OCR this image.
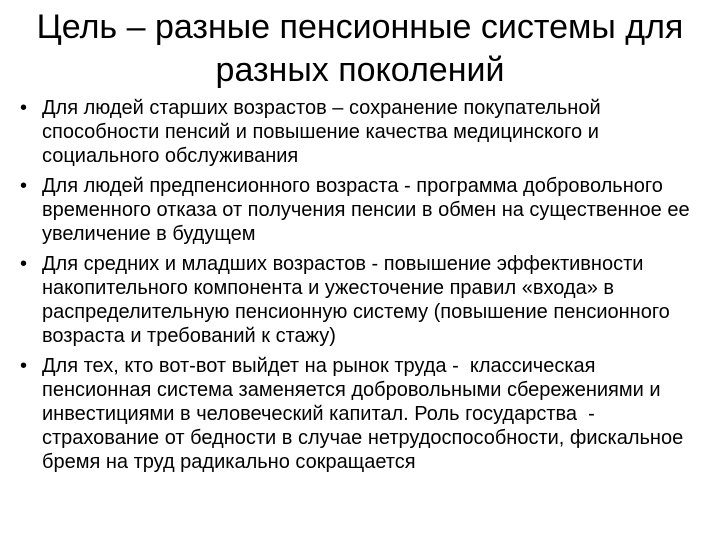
Цель – разные пенсионные системы для разных поколений
• Для людей старших возрастов – сохранение покупательной способности пенсий и повышение качества медицинского и социального обслуживания
• Для людей предпенсионного возраста - программа добровольного временного отказа от получения пенсии в обмен на существенное ее увеличение в будущем
• Для средних и младших возрастов - повышение эффективности накопительного компонента и ужесточение правил «входа» в распределительную пенсионную систему (повышение пенсионного возраста и требований к стажу)
• Для тех, кто вот-вот выйдет на рынок труда -  классическая пенсионная система заменяется добровольными сбережениями и инвестициями в человеческий капитал. Роль государства  - страхование от бедности в случае нетрудоспособности, фискальное бремя на труд радикально сокращается
